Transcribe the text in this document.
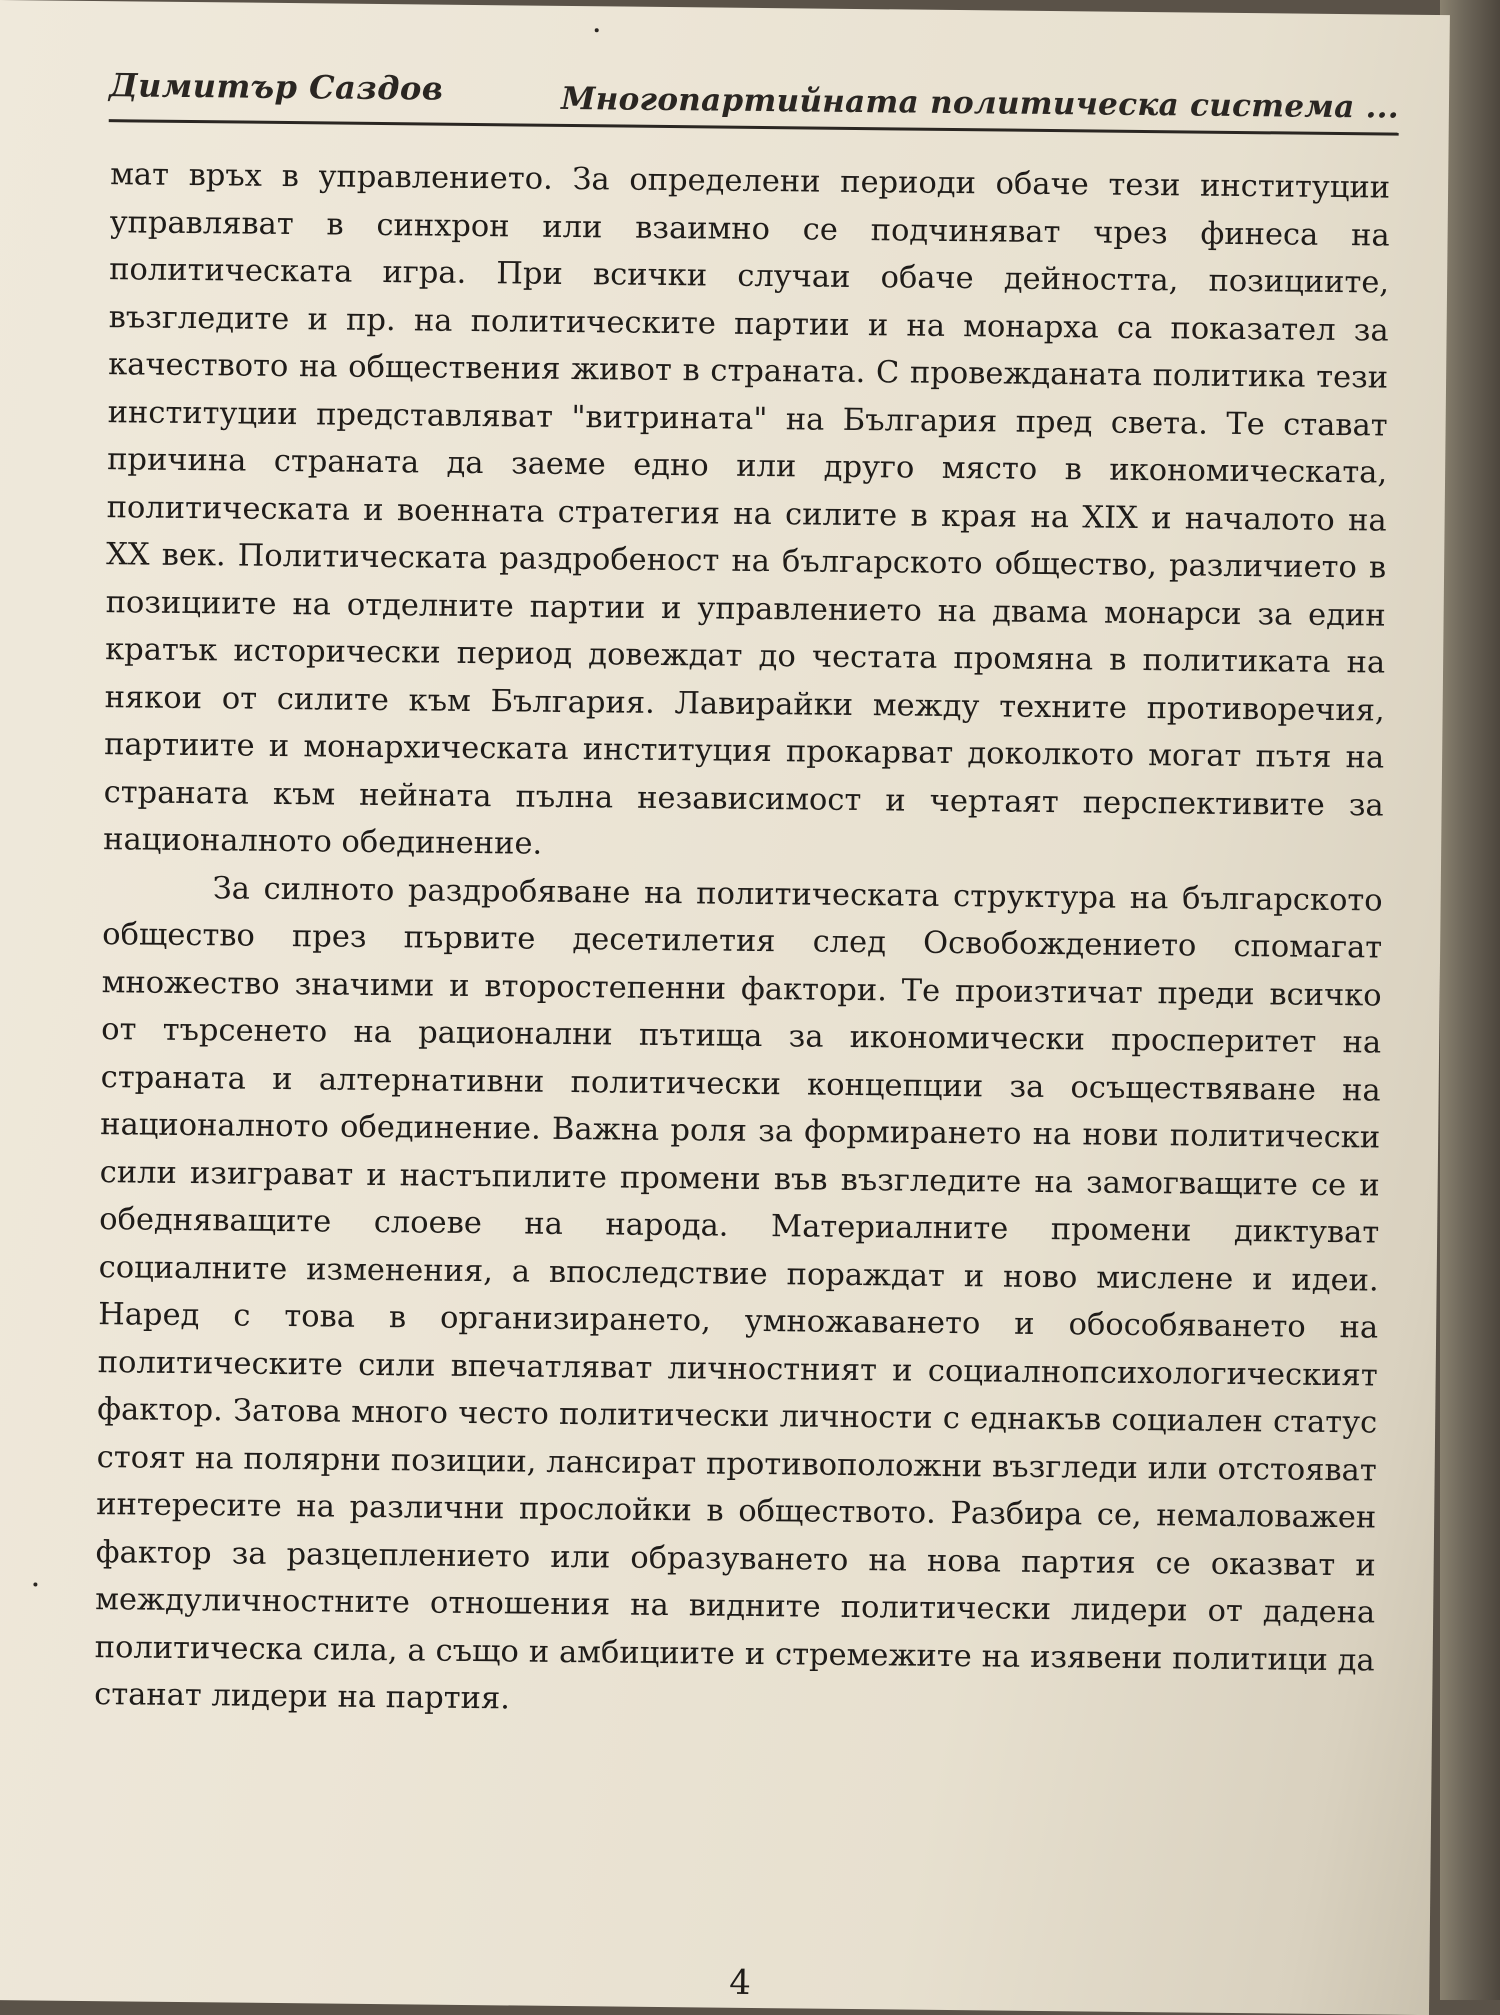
Димитър Саздов	Многопартийната политическа система ...

мат връх в управлението. За определени периоди обаче тези институции управляват в синхрон или взаимно се подчиняват чрез финеса на политическата игра. При всички случаи обаче дейността, позициите, възгледите и пр. на политическите партии и на монарха са показател за качеството на обществения живот в страната. С провежданата политика тези институции представляват "витрината" на България пред света. Те стават причина страната да заеме едно или друго място в икономическата, политическата и военната стратегия на силите в края на XIX и началото на XX век. Политическата раздробеност на българското общество, различието в позициите на отделните партии и управлението на двама монарси за един кратък исторически период довеждат до честата промяна в политиката на някои от силите към България. Лавирайки между техните противоречия, партиите и монархическата институция прокарват доколкото могат пътя на страната към нейната пълна независимост и чертаят перспективите за националното обединение.

За силното раздробяване на политическата структура на българското общество през първите десетилетия след Освобождението спомагат множество значими и второстепенни фактори. Те произтичат преди всичко от търсенето на рационални пътища за икономически просперитет на страната и алтернативни политически концепции за осъществяване на националното обединение. Важна роля за формирането на нови политически сили изиграват и настъпилите промени във възгледите на замогващите се и обедняващите слоеве на народа. Материалните промени диктуват социалните изменения, а впоследствие пораждат и ново мислене и идеи. Наред с това в организирането, умножаването и обособяването на политическите сили впечатляват личностният и социалнопсихологическият фактор. Затова много често политически личности с еднакъв социален статус стоят на полярни позиции, лансират противоположни възгледи или отстояват интересите на различни прослойки в обществото. Разбира се, немаловажен фактор за разцеплението или образуването на нова партия се оказват и междуличностните отношения на видните политически лидери от дадена политическа сила, а също и амбициите и стремежите на изявени политици да станат лидери на партия.

4
